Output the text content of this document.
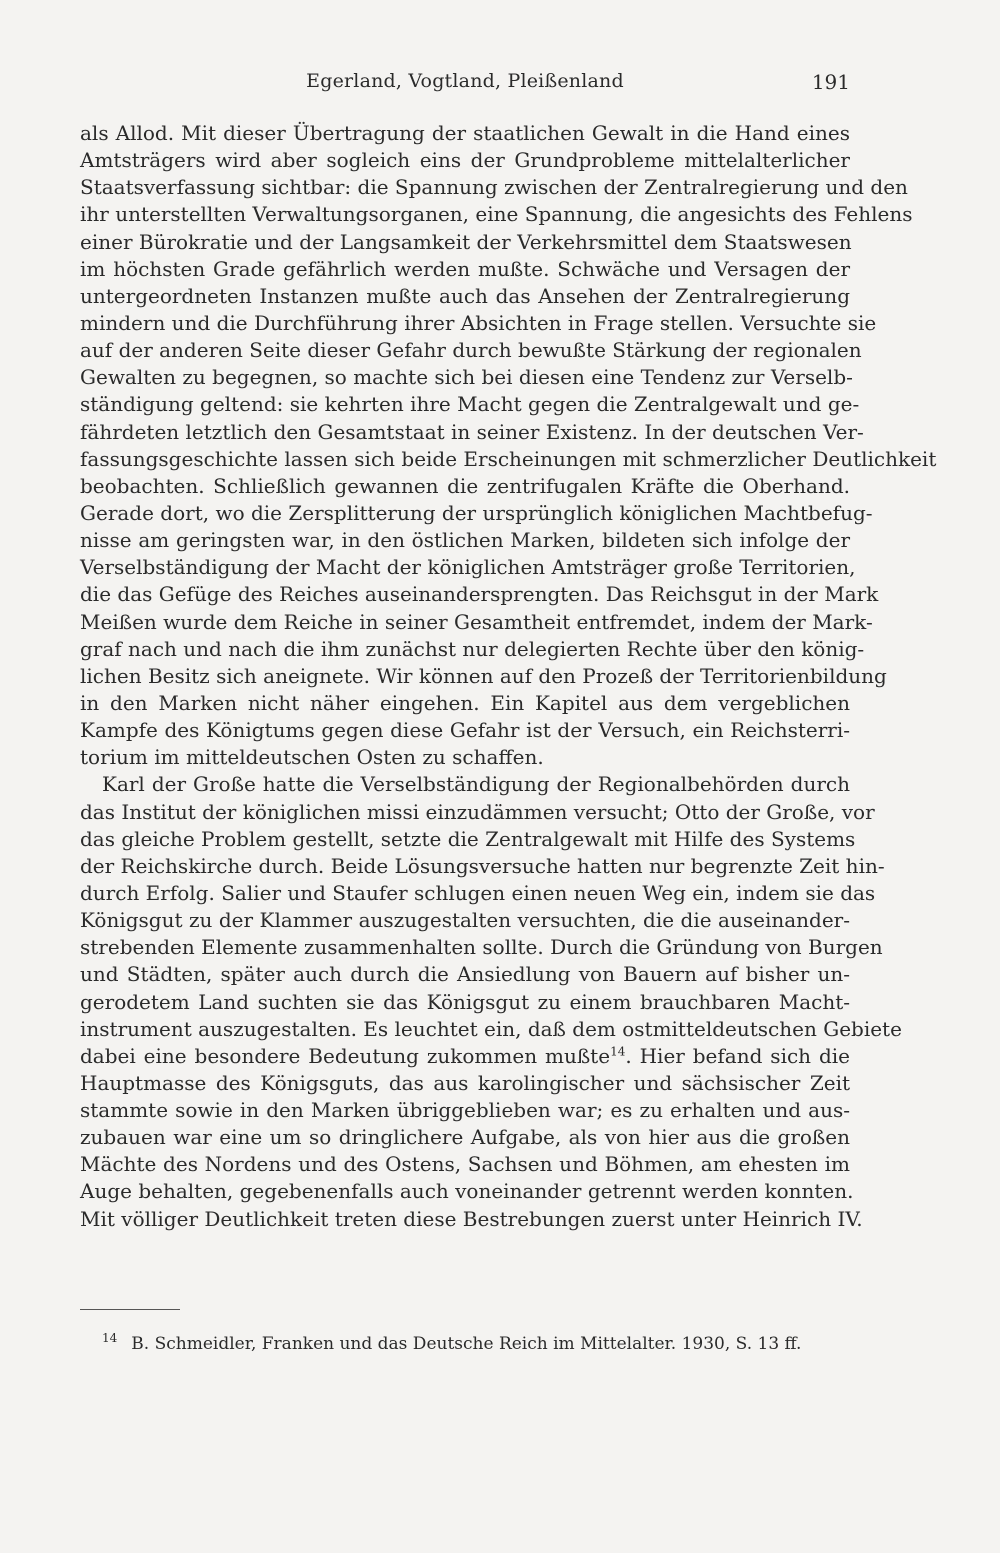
Egerland, Vogtland, Pleißenland	191
als Allod. Mit dieser Übertragung der staatlichen Gewalt in die Hand eines
Amtsträgers wird aber sogleich eins der Grundprobleme mittelalterlicher
Staatsverfassung sichtbar: die Spannung zwischen der Zentralregierung und den
ihr unterstellten Verwaltungsorganen, eine Spannung, die angesichts des Fehlens
einer Bürokratie und der Langsamkeit der Verkehrsmittel dem Staatswesen
im höchsten Grade gefährlich werden mußte. Schwäche und Versagen der
untergeordneten Instanzen mußte auch das Ansehen der Zentralregierung
mindern und die Durchführung ihrer Absichten in Frage stellen. Versuchte sie
auf der anderen Seite dieser Gefahr durch bewußte Stärkung der regionalen
Gewalten zu begegnen, so machte sich bei diesen eine Tendenz zur Verselb-
ständigung geltend: sie kehrten ihre Macht gegen die Zentralgewalt und ge-
fährdeten letztlich den Gesamtstaat in seiner Existenz. In der deutschen Ver-
fassungsgeschichte lassen sich beide Erscheinungen mit schmerzlicher Deutlichkeit
beobachten. Schließlich gewannen die zentrifugalen Kräfte die Oberhand.
Gerade dort, wo die Zersplitterung der ursprünglich königlichen Machtbefug-
nisse am geringsten war, in den östlichen Marken, bildeten sich infolge der
Verselbständigung der Macht der königlichen Amtsträger große Territorien,
die das Gefüge des Reiches auseinandersprengten. Das Reichsgut in der Mark
Meißen wurde dem Reiche in seiner Gesamtheit entfremdet, indem der Mark-
graf nach und nach die ihm zunächst nur delegierten Rechte über den könig-
lichen Besitz sich aneignete. Wir können auf den Prozeß der Territorienbildung
in den Marken nicht näher eingehen. Ein Kapitel aus dem vergeblichen
Kampfe des Königtums gegen diese Gefahr ist der Versuch, ein Reichsterri-
torium im mitteldeutschen Osten zu schaffen.
Karl der Große hatte die Verselbständigung der Regionalbehörden durch
das Institut der königlichen missi einzudämmen versucht; Otto der Große, vor
das gleiche Problem gestellt, setzte die Zentralgewalt mit Hilfe des Systems
der Reichskirche durch. Beide Lösungsversuche hatten nur begrenzte Zeit hin-
durch Erfolg. Salier und Staufer schlugen einen neuen Weg ein, indem sie das
Königsgut zu der Klammer auszugestalten versuchten, die die auseinander-
strebenden Elemente zusammenhalten sollte. Durch die Gründung von Burgen
und Städten, später auch durch die Ansiedlung von Bauern auf bisher un-
gerodetem Land suchten sie das Königsgut zu einem brauchbaren Macht-
instrument auszugestalten. Es leuchtet ein, daß dem ostmitteldeutschen Gebiete
dabei eine besondere Bedeutung zukommen mußte$^{14}$. Hier befand sich die
Hauptmasse des Königsguts, das aus karolingischer und sächsischer Zeit
stammte sowie in den Marken übriggeblieben war; es zu erhalten und aus-
zubauen war eine um so dringlichere Aufgabe, als von hier aus die großen
Mächte des Nordens und des Ostens, Sachsen und Böhmen, am ehesten im
Auge behalten, gegebenenfalls auch voneinander getrennt werden konnten.
Mit völliger Deutlichkeit treten diese Bestrebungen zuerst unter Heinrich IV.
$^{14}$ B. Schmeidler, Franken und das Deutsche Reich im Mittelalter. 1930, S. 13 ff.
